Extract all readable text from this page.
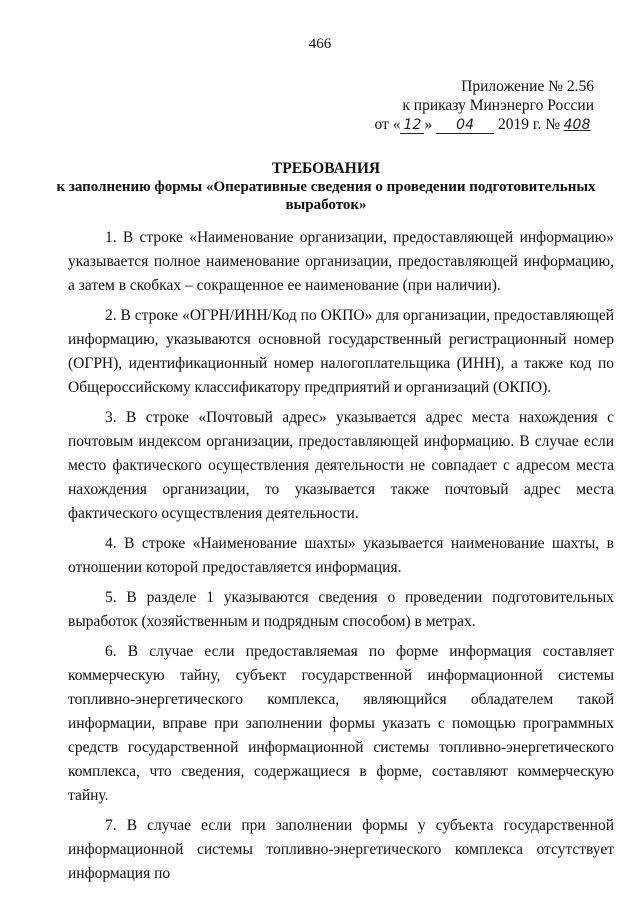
466
Приложение № 2.56
к приказу Минэнерго России
от « 12 » 04 2019 г. № 408
ТРЕБОВАНИЯ
к заполнению формы «Оперативные сведения о проведении подготовительных выработок»

1. В строке «Наименование организации, предоставляющей информацию» указывается полное наименование организации, предоставляющей информацию, а затем в скобках – сокращенное ее наименование (при наличии).

2. В строке «ОГРН/ИНН/Код по ОКПО» для организации, предоставляющей информацию, указываются основной государственный регистрационный номер (ОГРН), идентификационный номер налогоплательщика (ИНН), а также код по Общероссийскому классификатору предприятий и организаций (ОКПО).

3. В строке «Почтовый адрес» указывается адрес места нахождения с почтовым индексом организации, предоставляющей информацию. В случае если место фактического осуществления деятельности не совпадает с адресом места нахождения организации, то указывается также почтовый адрес места фактического осуществления деятельности.

4. В строке «Наименование шахты» указывается наименование шахты, в отношении которой предоставляется информация.

5. В разделе 1 указываются сведения о проведении подготовительных выработок (хозяйственным и подрядным способом) в метрах.

6. В случае если предоставляемая по форме информация составляет коммерческую тайну, субъект государственной информационной системы топливно-энергетического комплекса, являющийся обладателем такой информации, вправе при заполнении формы указать с помощью программных средств государственной информационной системы топливно-энергетического комплекса, что сведения, содержащиеся в форме, составляют коммерческую тайну.

7. В случае если при заполнении формы у субъекта государственной информационной системы топливно-энергетического комплекса отсутствует информация по
